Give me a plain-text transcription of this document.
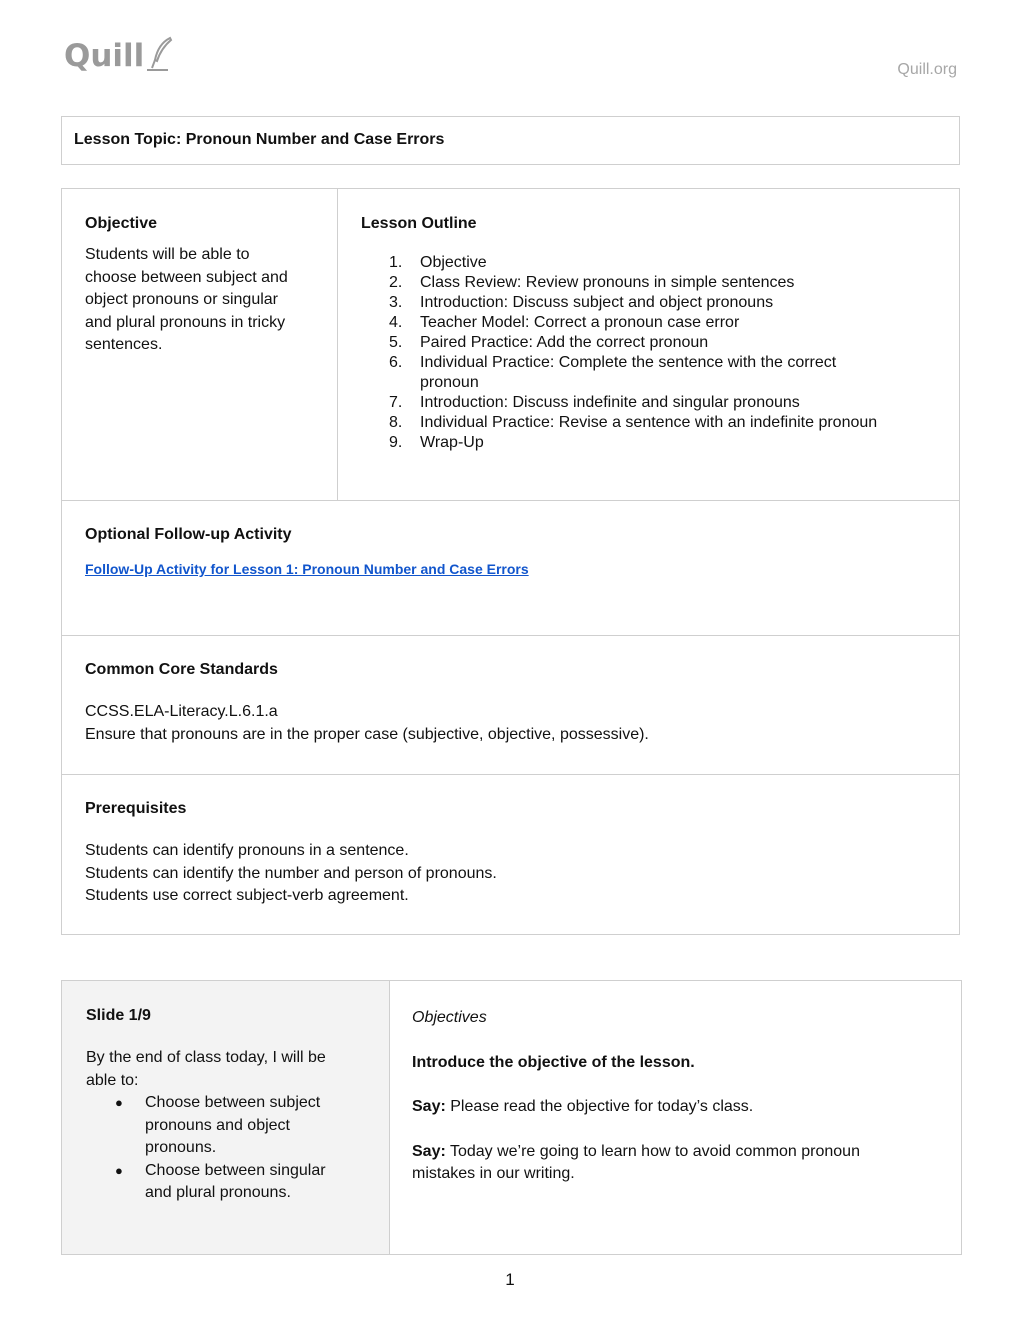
Quill	Quill.org
Lesson Topic: Pronoun Number and Case Errors
Objective
Students will be able to
choose between subject and
object pronouns or singular
and plural pronouns in tricky
sentences.
Lesson Outline
1. Objective
2. Class Review: Review pronouns in simple sentences
3. Introduction: Discuss subject and object pronouns
4. Teacher Model: Correct a pronoun case error
5. Paired Practice: Add the correct pronoun
6. Individual Practice: Complete the sentence with the correct
pronoun
7. Introduction: Discuss indefinite and singular pronouns
8. Individual Practice: Revise a sentence with an indefinite pronoun
9. Wrap-Up
Optional Follow-up Activity
Follow-Up Activity for Lesson 1: Pronoun Number and Case Errors
Common Core Standards
CCSS.ELA-Literacy.L.6.1.a
Ensure that pronouns are in the proper case (subjective, objective, possessive).
Prerequisites
Students can identify pronouns in a sentence.
Students can identify the number and person of pronouns.
Students use correct subject-verb agreement.
Slide 1/9
By the end of class today, I will be
able to:
● Choose between subject
pronouns and object
pronouns.
● Choose between singular
and plural pronouns.
Objectives
Introduce the objective of the lesson.
Say: Please read the objective for today’s class.
Say: Today we’re going to learn how to avoid common pronoun
mistakes in our writing.
1
